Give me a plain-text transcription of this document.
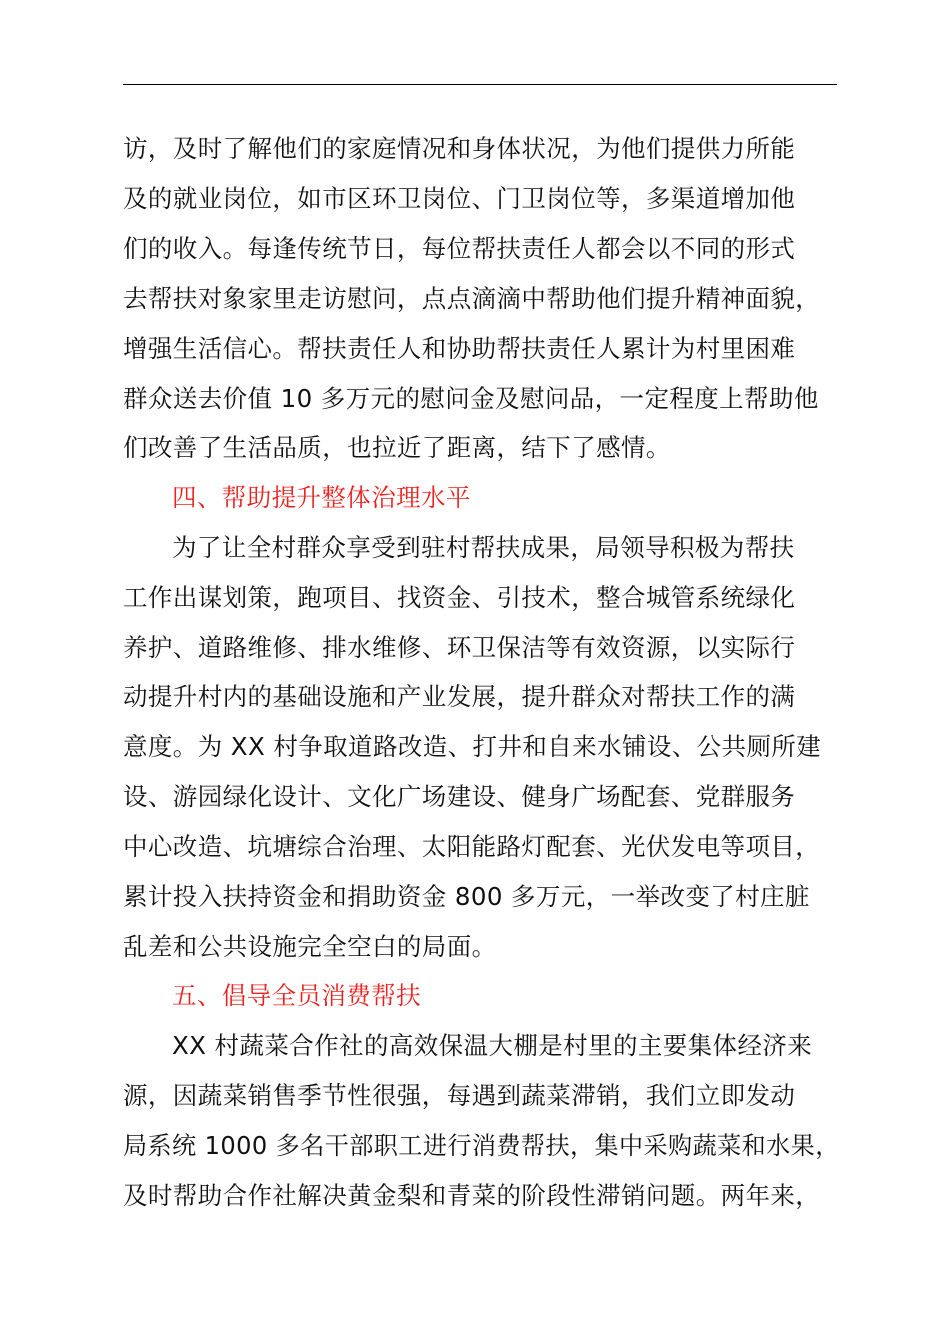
访，及时了解他们的家庭情况和身体状况，为他们提供力所能
及的就业岗位，如市区环卫岗位、门卫岗位等，多渠道增加他
们的收入。每逢传统节日，每位帮扶责任人都会以不同的形式
去帮扶对象家里走访慰问，点点滴滴中帮助他们提升精神面貌，
增强生活信心。帮扶责任人和协助帮扶责任人累计为村里困难
群众送去价值 10 多万元的慰问金及慰问品，一定程度上帮助他
们改善了生活品质，也拉近了距离，结下了感情。
四、帮助提升整体治理水平
为了让全村群众享受到驻村帮扶成果，局领导积极为帮扶
工作出谋划策，跑项目、找资金、引技术，整合城管系统绿化
养护、道路维修、排水维修、环卫保洁等有效资源，以实际行
动提升村内的基础设施和产业发展，提升群众对帮扶工作的满
意度。为 XX 村争取道路改造、打井和自来水铺设、公共厕所建
设、游园绿化设计、文化广场建设、健身广场配套、党群服务
中心改造、坑塘综合治理、太阳能路灯配套、光伏发电等项目，
累计投入扶持资金和捐助资金 800 多万元，一举改变了村庄脏
乱差和公共设施完全空白的局面。
五、倡导全员消费帮扶
XX 村蔬菜合作社的高效保温大棚是村里的主要集体经济来
源，因蔬菜销售季节性很强，每遇到蔬菜滞销，我们立即发动
局系统 1000 多名干部职工进行消费帮扶，集中采购蔬菜和水果，
及时帮助合作社解决黄金梨和青菜的阶段性滞销问题。两年来，
